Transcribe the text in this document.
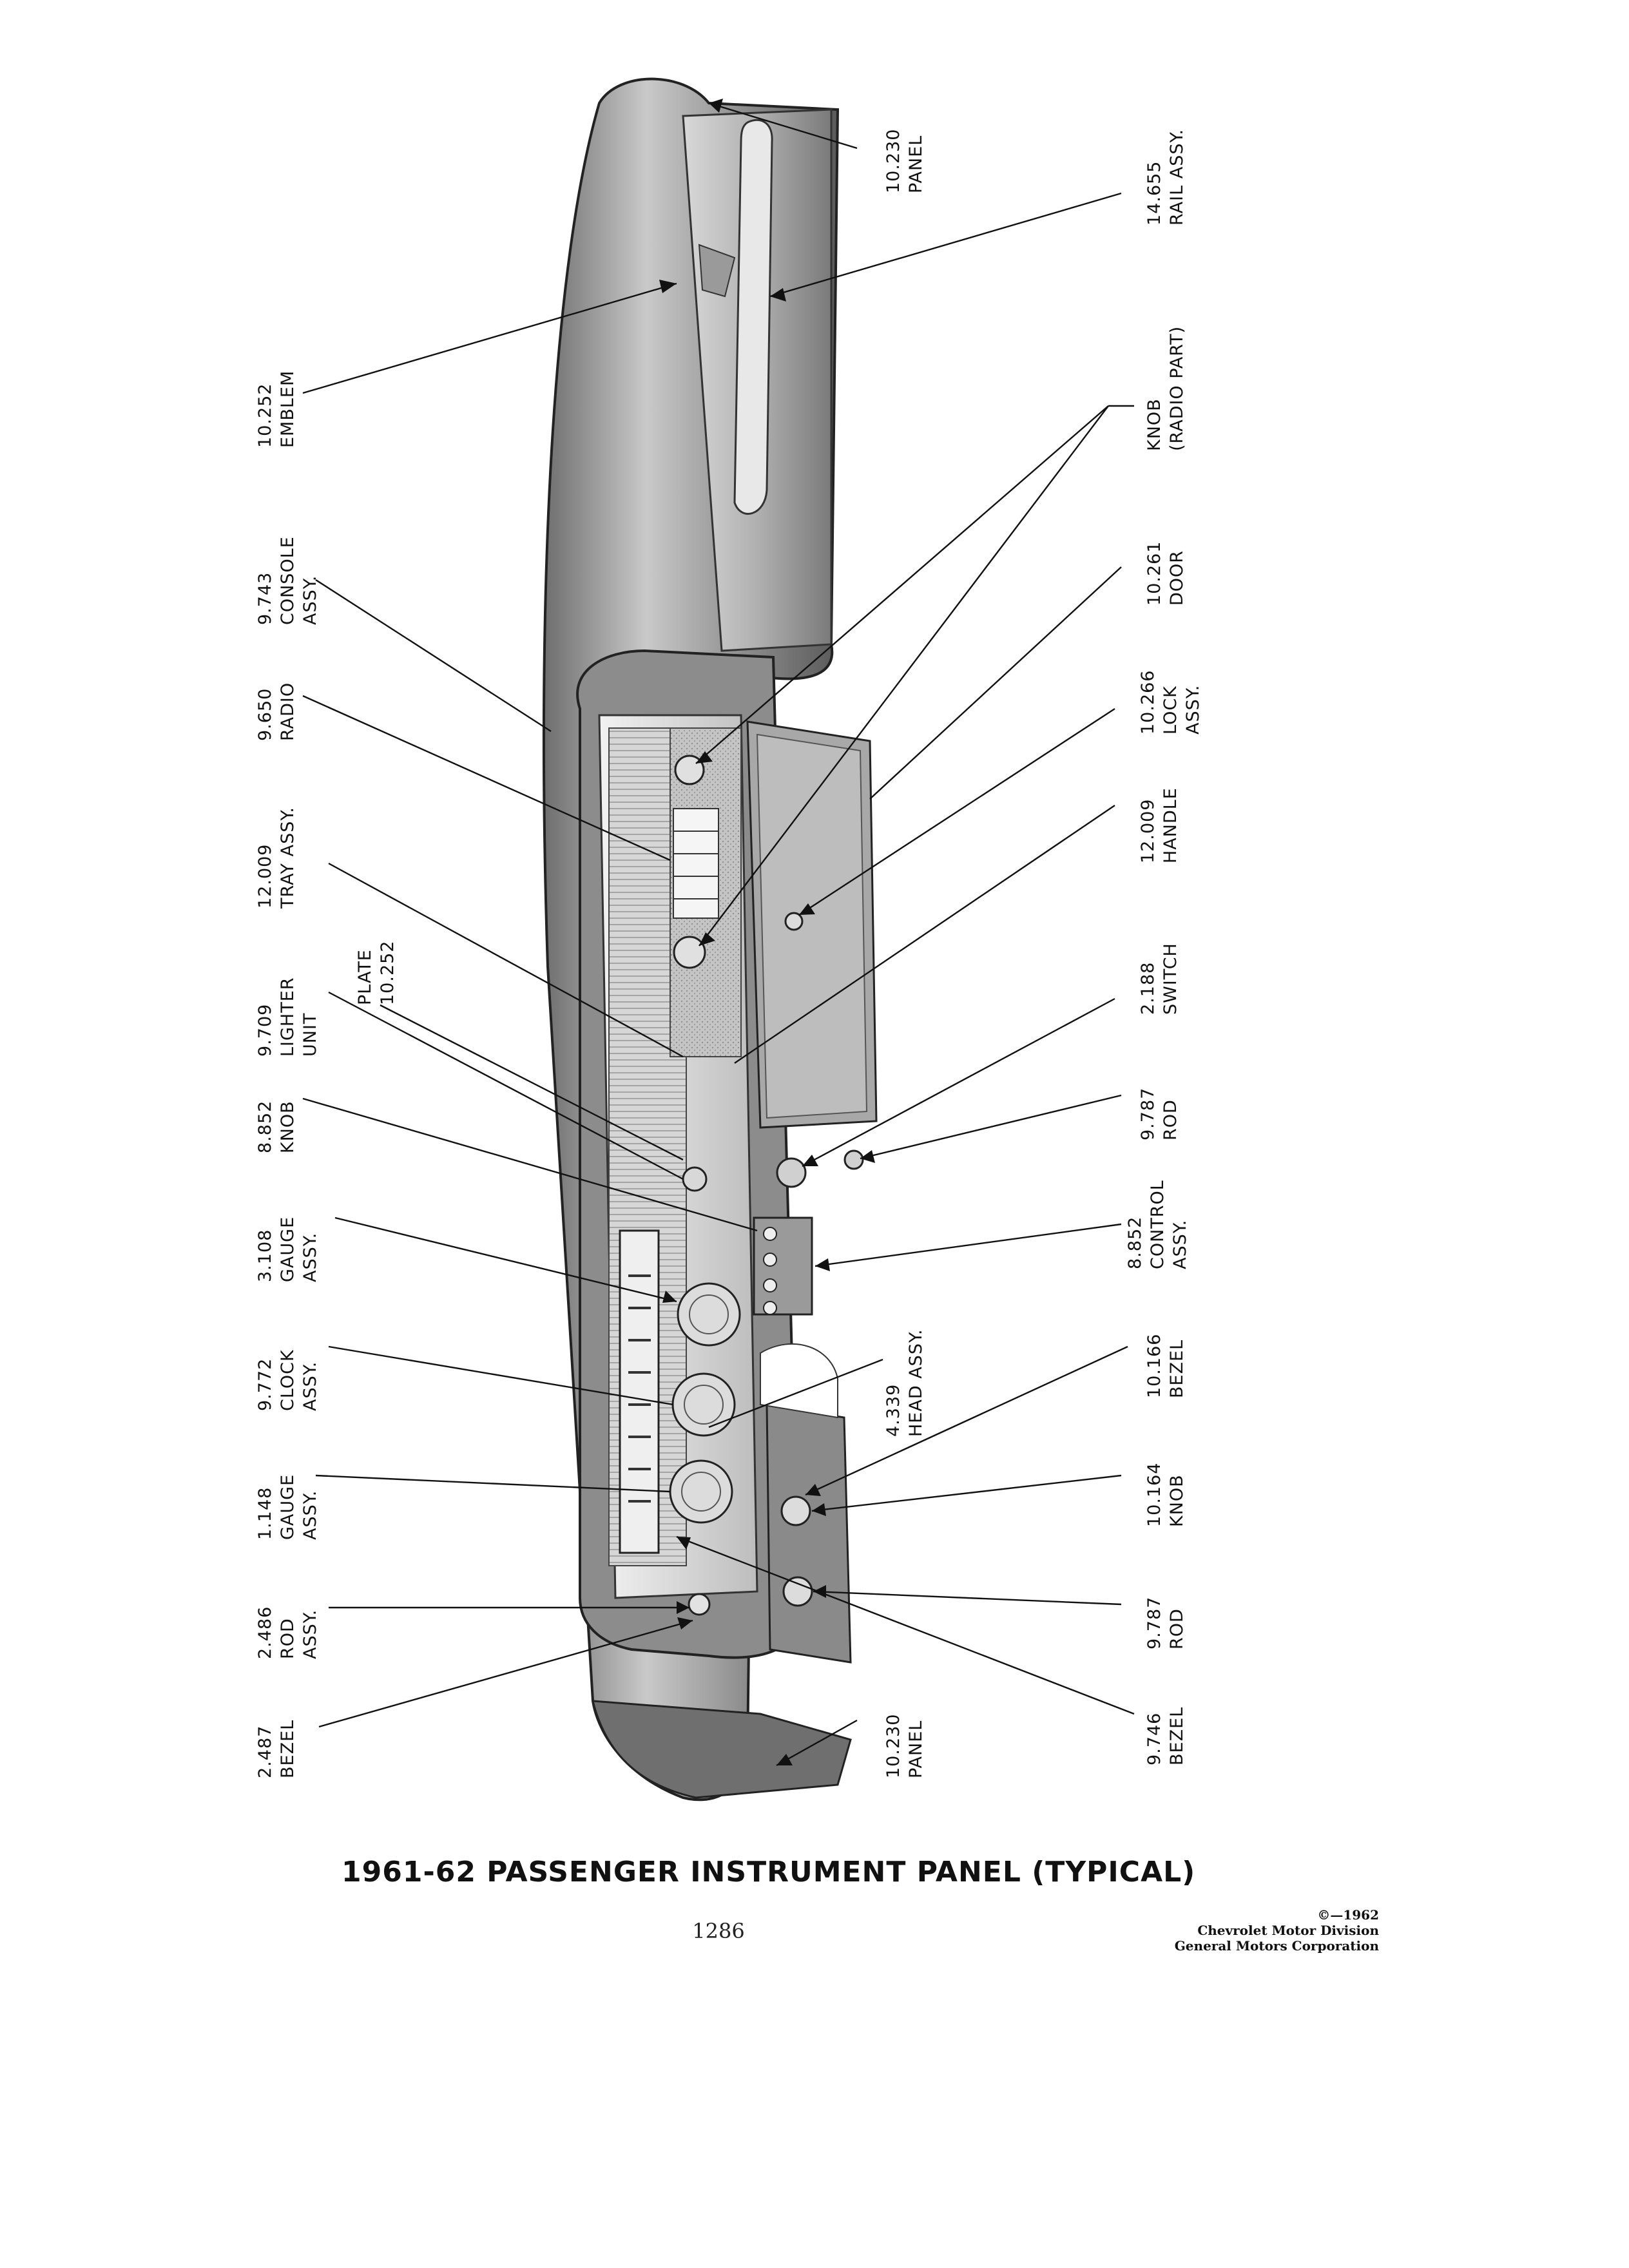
10.230 PANEL	14.655 RAIL ASSY.
10.252 EMBLEM
9.743 CONSOLE ASSY.
9.650 RADIO
12.009 TRAY ASSY.
9.709 LIGHTER UNIT
PLATE 10.252
8.852 KNOB
3.108 GAUGE ASSY.
9.772 CLOCK ASSY.
1.148 GAUGE ASSY.
2.486 ROD ASSY.
2.487 BEZEL	10.230 PANEL	9.746 BEZEL
9.787 ROD
10.164 KNOB
10.166 BEZEL
4.339 HEAD ASSY.
8.852 CONTROL ASSY.
9.787 ROD
2.188 SWITCH
12.009 HANDLE
10.266 LOCK ASSY.
10.261 DOOR
KNOB (RADIO PART)
1961-62 PASSENGER INSTRUMENT PANEL (TYPICAL)
1286
©—1962
Chevrolet Motor Division
General Motors Corporation
